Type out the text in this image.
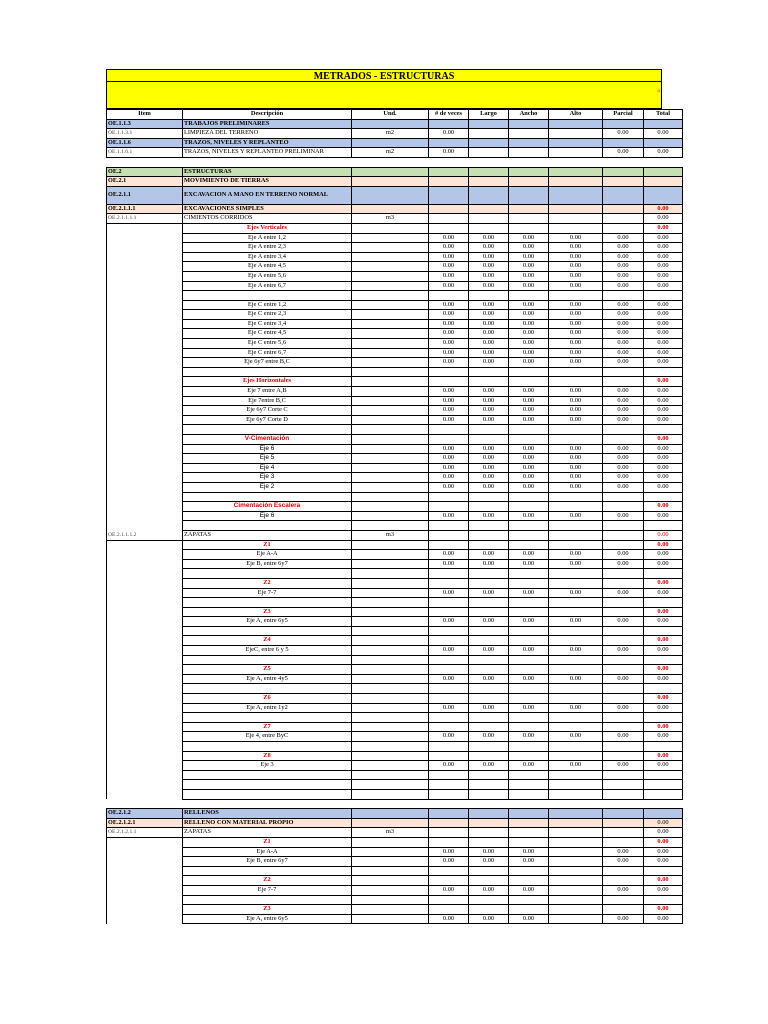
METRADOS - ESTRUCTURAS
o
Item	Descripción	Und.	# de veces	Largo	Ancho	Alto	Parcial	Total
OE.1.1.3	TRABAJOS PRELIMINARES							
OE.1.1.3.1	LIMPIEZA DEL TERRENO	m2	0.00				0.00	0.00
OE.1.1.6	TRAZOS, NIVELES Y REPLANTEO							
OE.1.1.6.1	TRAZOS, NIVELES Y REPLANTEO PRELIMINAR	m2	0.00				0.00	0.00

OE.2	ESTRUCTURAS							
OE.2.1	MOVIMIENTO DE TIERRAS							
OE.2.1.1	EXCAVACION A MANO EN TERRENO NORMAL							
OE.2.1.1.1	EXCAVACIONES SIMPLES							0.00
OE.2.1.1.1.1	CIMIENTOS CORRIDOS	m3						0.00
	Ejes Verticales							0.00
	Eje A entre 1,2		0.00	0.00	0.00	0.00	0.00	0.00
	Eje A entre 2,3		0.00	0.00	0.00	0.00	0.00	0.00
	Eje A entre 3,4		0.00	0.00	0.00	0.00	0.00	0.00
	Eje A entre 4,5		0.00	0.00	0.00	0.00	0.00	0.00
	Eje A entre 5,6		0.00	0.00	0.00	0.00	0.00	0.00
	Eje A entre 6,7		0.00	0.00	0.00	0.00	0.00	0.00

	Eje C entre 1,2		0.00	0.00	0.00	0.00	0.00	0.00
	Eje C entre 2,3		0.00	0.00	0.00	0.00	0.00	0.00
	Eje C entre 3,4		0.00	0.00	0.00	0.00	0.00	0.00
	Eje C entre 4,5		0.00	0.00	0.00	0.00	0.00	0.00
	Eje C entre 5,6		0.00	0.00	0.00	0.00	0.00	0.00
	Eje C entre 6,7		0.00	0.00	0.00	0.00	0.00	0.00
	Eje 6y7 entre B,C		0.00	0.00	0.00	0.00	0.00	0.00

	Ejes Horizontales							0.00
	Eje 7 entre A,B		0.00	0.00	0.00	0.00	0.00	0.00
	Eje 7entre B,C		0.00	0.00	0.00	0.00	0.00	0.00
	Eje 6y7 Corte C		0.00	0.00	0.00	0.00	0.00	0.00
	Eje 6y7 Corte D		0.00	0.00	0.00	0.00	0.00	0.00

	V-Cimentación							0.00
	Eje 6		0.00	0.00	0.00	0.00	0.00	0.00
	Eje 5		0.00	0.00	0.00	0.00	0.00	0.00
	Eje 4		0.00	0.00	0.00	0.00	0.00	0.00
	Eje 3		0.00	0.00	0.00	0.00	0.00	0.00
	Eje 2		0.00	0.00	0.00	0.00	0.00	0.00

	Cimentación Escalera							0.00
	Eje 6		0.00	0.00	0.00	0.00	0.00	0.00

OE.2.1.1.1.2	ZAPATAS	m3						0.00
	Z1							0.00
	Eje A-A		0.00	0.00	0.00	0.00	0.00	0.00
	Eje B, entre 6y7		0.00	0.00	0.00	0.00	0.00	0.00

	Z2							0.00
	Eje 7-7		0.00	0.00	0.00	0.00	0.00	0.00

	Z3							0.00
	Eje A, entre 6y5		0.00	0.00	0.00	0.00	0.00	0.00

	Z4							0.00
	EjeC, entre 6 y 5		0.00	0.00	0.00	0.00	0.00	0.00

	Z5							0.00
	Eje A, entre 4y5		0.00	0.00	0.00	0.00	0.00	0.00

	Z6							0.00
	Eje A, entre 1y2		0.00	0.00	0.00	0.00	0.00	0.00

	Z7							0.00
	Eje 4, entre ByC		0.00	0.00	0.00	0.00	0.00	0.00

	Z8							0.00
	Eje 3		0.00	0.00	0.00	0.00	0.00	0.00

OE.2.1.2	RELLENOS							
OE.2.1.2.1	RELLENO CON MATERIAL PROPIO							0.00
OE.2.1.2.1.1	ZAPATAS	m3						0.00
	Z1							0.00
	Eje A-A		0.00	0.00	0.00		0.00	0.00
	Eje B, entre 6y7		0.00	0.00	0.00		0.00	0.00

	Z2							0.00
	Eje 7-7		0.00	0.00	0.00		0.00	0.00

	Z3							0.00
	Eje A, entre 6y5		0.00	0.00	0.00		0.00	0.00
